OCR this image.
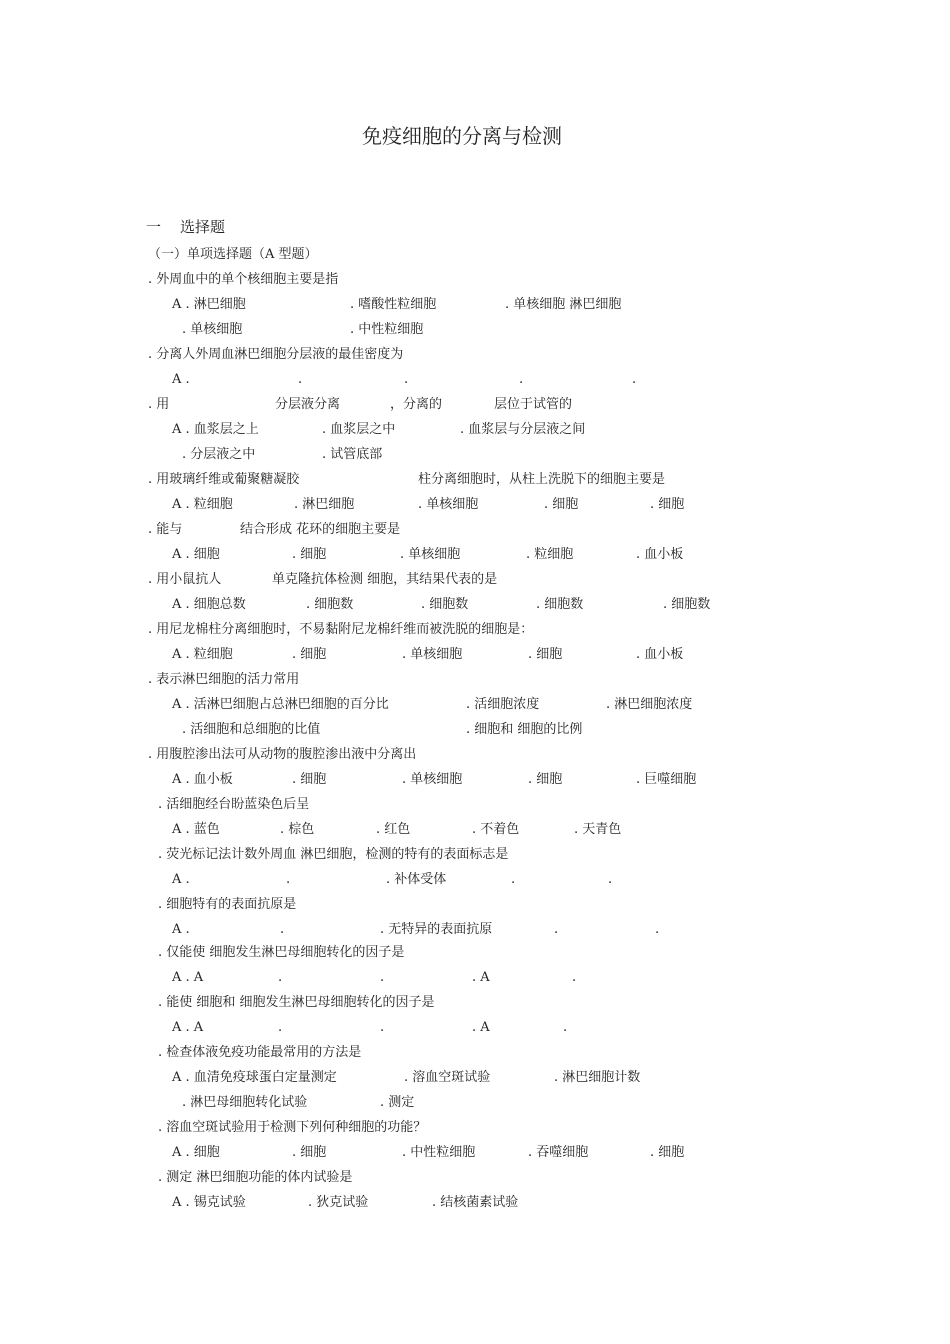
免疫细胞的分离与检测
一 选择题
（一）单项选择题（A 型题）
. 外周血中的单个核细胞主要是指
A . 淋巴细胞	. 嗜酸性粒细胞	. 单核细胞 淋巴细胞
. 单核细胞	. 中性粒细胞
. 分离人外周血淋巴细胞分层液的最佳密度为
A .	.	.	.	.
. 用	分层液分离	，分离的	层位于试管的
A . 血浆层之上	. 血浆层之中	. 血浆层与分层液之间
. 分层液之中	. 试管底部
. 用玻璃纤维或葡聚糖凝胶	柱分离细胞时，从柱上洗脱下的细胞主要是
A . 粒细胞	. 淋巴细胞	. 单核细胞	. 细胞	. 细胞
. 能与	结合形成 花环的细胞主要是
A . 细胞	. 细胞	. 单核细胞	. 粒细胞	. 血小板
. 用小鼠抗人	单克隆抗体检测 细胞，其结果代表的是
A . 细胞总数	. 细胞数	. 细胞数	. 细胞数	. 细胞数
. 用尼龙棉柱分离细胞时，不易黏附尼龙棉纤维而被洗脱的细胞是：
A . 粒细胞	. 细胞	. 单核细胞	. 细胞	. 血小板
. 表示淋巴细胞的活力常用
A . 活淋巴细胞占总淋巴细胞的百分比	. 活细胞浓度	. 淋巴细胞浓度
. 活细胞和总细胞的比值	. 细胞和 细胞的比例
. 用腹腔渗出法可从动物的腹腔渗出液中分离出
A . 血小板	. 细胞	. 单核细胞	. 细胞	. 巨噬细胞
. 活细胞经台盼蓝染色后呈
A . 蓝色	. 棕色	. 红色	. 不着色	. 天青色
. 荧光标记法计数外周血 淋巴细胞，检测的特有的表面标志是
A .	.	. 补体受体	.	.
. 细胞特有的表面抗原是
A .	.	. 无特异的表面抗原	.	.
. 仅能使 细胞发生淋巴母细胞转化的因子是
A . A	.	.	. A	.
. 能使 细胞和 细胞发生淋巴母细胞转化的因子是
A . A	.	.	. A	.
. 检查体液免疫功能最常用的方法是
A . 血清免疫球蛋白定量测定	. 溶血空斑试验	. 淋巴细胞计数
. 淋巴母细胞转化试验	. 测定
. 溶血空斑试验用于检测下列何种细胞的功能？
A . 细胞	. 细胞	. 中性粒细胞	. 吞噬细胞	. 细胞
. 测定 淋巴细胞功能的体内试验是
A . 锡克试验	. 狄克试验	. 结核菌素试验
